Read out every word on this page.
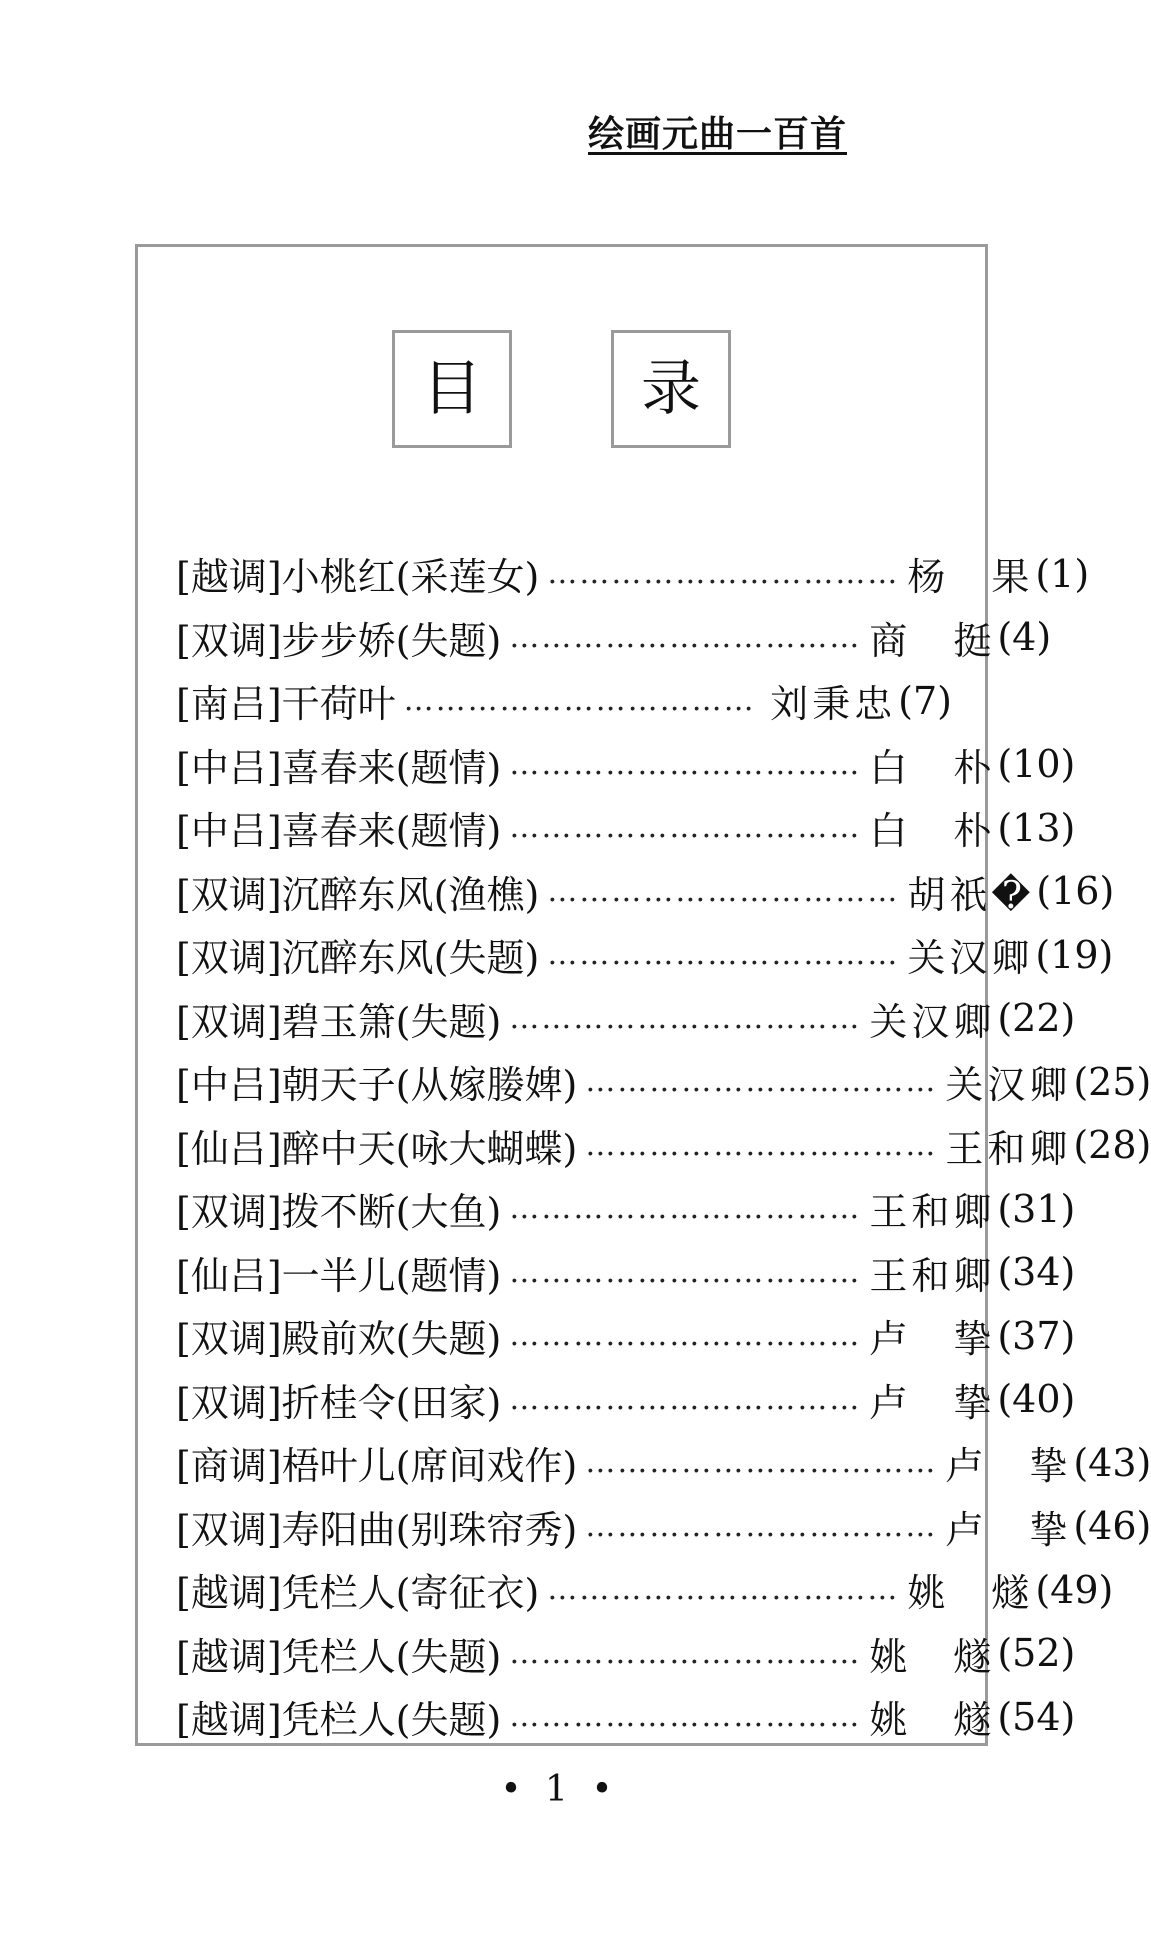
绘画元曲一百首
目	录
[越调] 小桃红(采莲女) …………………………… 杨　果 (1)
[双调] 步步娇(失题) …………………………… 商　挺 (4)
[南吕] 干荷叶 …………………………… 刘秉忠 (7)
[中吕] 喜春来(题情) …………………………… 白　朴 (10)
[中吕] 喜春来(题情) …………………………… 白　朴 (13)
[双调] 沉醉东风(渔樵) …………………………… 胡祇� (16)
[双调] 沉醉东风(失题) …………………………… 关汉卿 (19)
[双调] 碧玉箫(失题) …………………………… 关汉卿 (22)
[中吕] 朝天子(从嫁媵婢) …………………………… 关汉卿 (25)
[仙吕] 醉中天(咏大蝴蝶) …………………………… 王和卿 (28)
[双调] 拨不断(大鱼) …………………………… 王和卿 (31)
[仙吕] 一半儿(题情) …………………………… 王和卿 (34)
[双调] 殿前欢(失题) …………………………… 卢　挚 (37)
[双调] 折桂令(田家) …………………………… 卢　挚 (40)
[商调] 梧叶儿(席间戏作) …………………………… 卢　挚 (43)
[双调] 寿阳曲(别珠帘秀) …………………………… 卢　挚 (46)
[越调] 凭栏人(寄征衣) …………………………… 姚　燧 (49)
[越调] 凭栏人(失题) …………………………… 姚　燧 (52)
[越调] 凭栏人(失题) …………………………… 姚　燧 (54)
• 1 •
